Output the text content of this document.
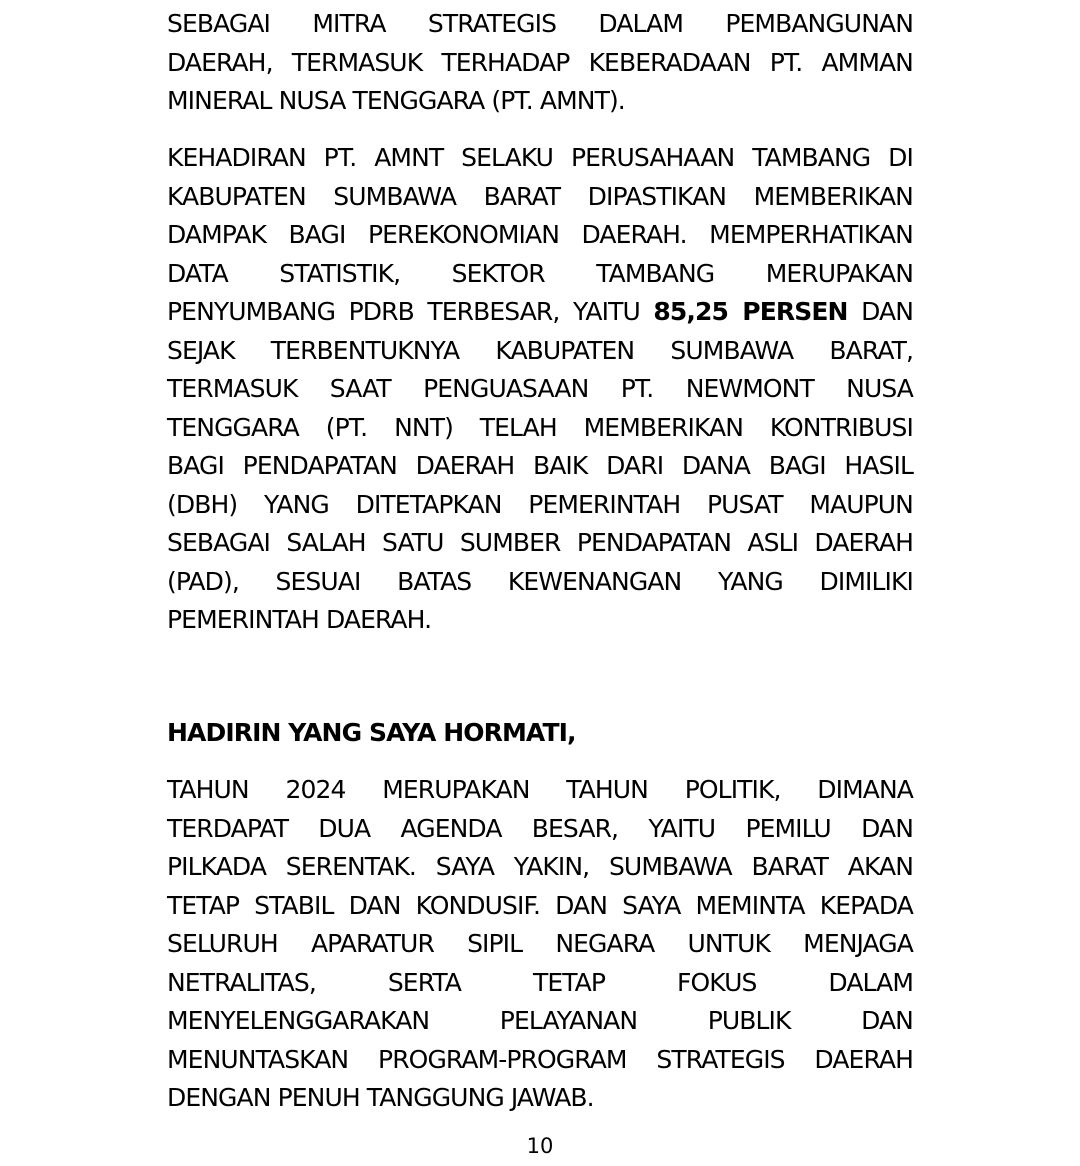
SEBAGAI MITRA STRATEGIS DALAM PEMBANGUNAN
DAERAH, TERMASUK TERHADAP KEBERADAAN PT. AMMAN
MINERAL NUSA TENGGARA (PT. AMNT).
KEHADIRAN PT. AMNT SELAKU PERUSAHAAN TAMBANG DI
KABUPATEN SUMBAWA BARAT DIPASTIKAN MEMBERIKAN
DAMPAK BAGI PEREKONOMIAN DAERAH. MEMPERHATIKAN
DATA STATISTIK, SEKTOR TAMBANG MERUPAKAN
PENYUMBANG PDRB TERBESAR, YAITU 85,25 PERSEN DAN
SEJAK TERBENTUKNYA KABUPATEN SUMBAWA BARAT,
TERMASUK SAAT PENGUASAAN PT. NEWMONT NUSA
TENGGARA (PT. NNT) TELAH MEMBERIKAN KONTRIBUSI
BAGI PENDAPATAN DAERAH BAIK DARI DANA BAGI HASIL
(DBH) YANG DITETAPKAN PEMERINTAH PUSAT MAUPUN
SEBAGAI SALAH SATU SUMBER PENDAPATAN ASLI DAERAH
(PAD), SESUAI BATAS KEWENANGAN YANG DIMILIKI
PEMERINTAH DAERAH.
HADIRIN YANG SAYA HORMATI,
TAHUN 2024 MERUPAKAN TAHUN POLITIK, DIMANA
TERDAPAT DUA AGENDA BESAR, YAITU PEMILU DAN
PILKADA SERENTAK. SAYA YAKIN, SUMBAWA BARAT AKAN
TETAP STABIL DAN KONDUSIF. DAN SAYA MEMINTA KEPADA
SELURUH APARATUR SIPIL NEGARA UNTUK MENJAGA
NETRALITAS, SERTA TETAP FOKUS DALAM
MENYELENGGARAKAN PELAYANAN PUBLIK DAN
MENUNTASKAN PROGRAM-PROGRAM STRATEGIS DAERAH
DENGAN PENUH TANGGUNG JAWAB.
10
